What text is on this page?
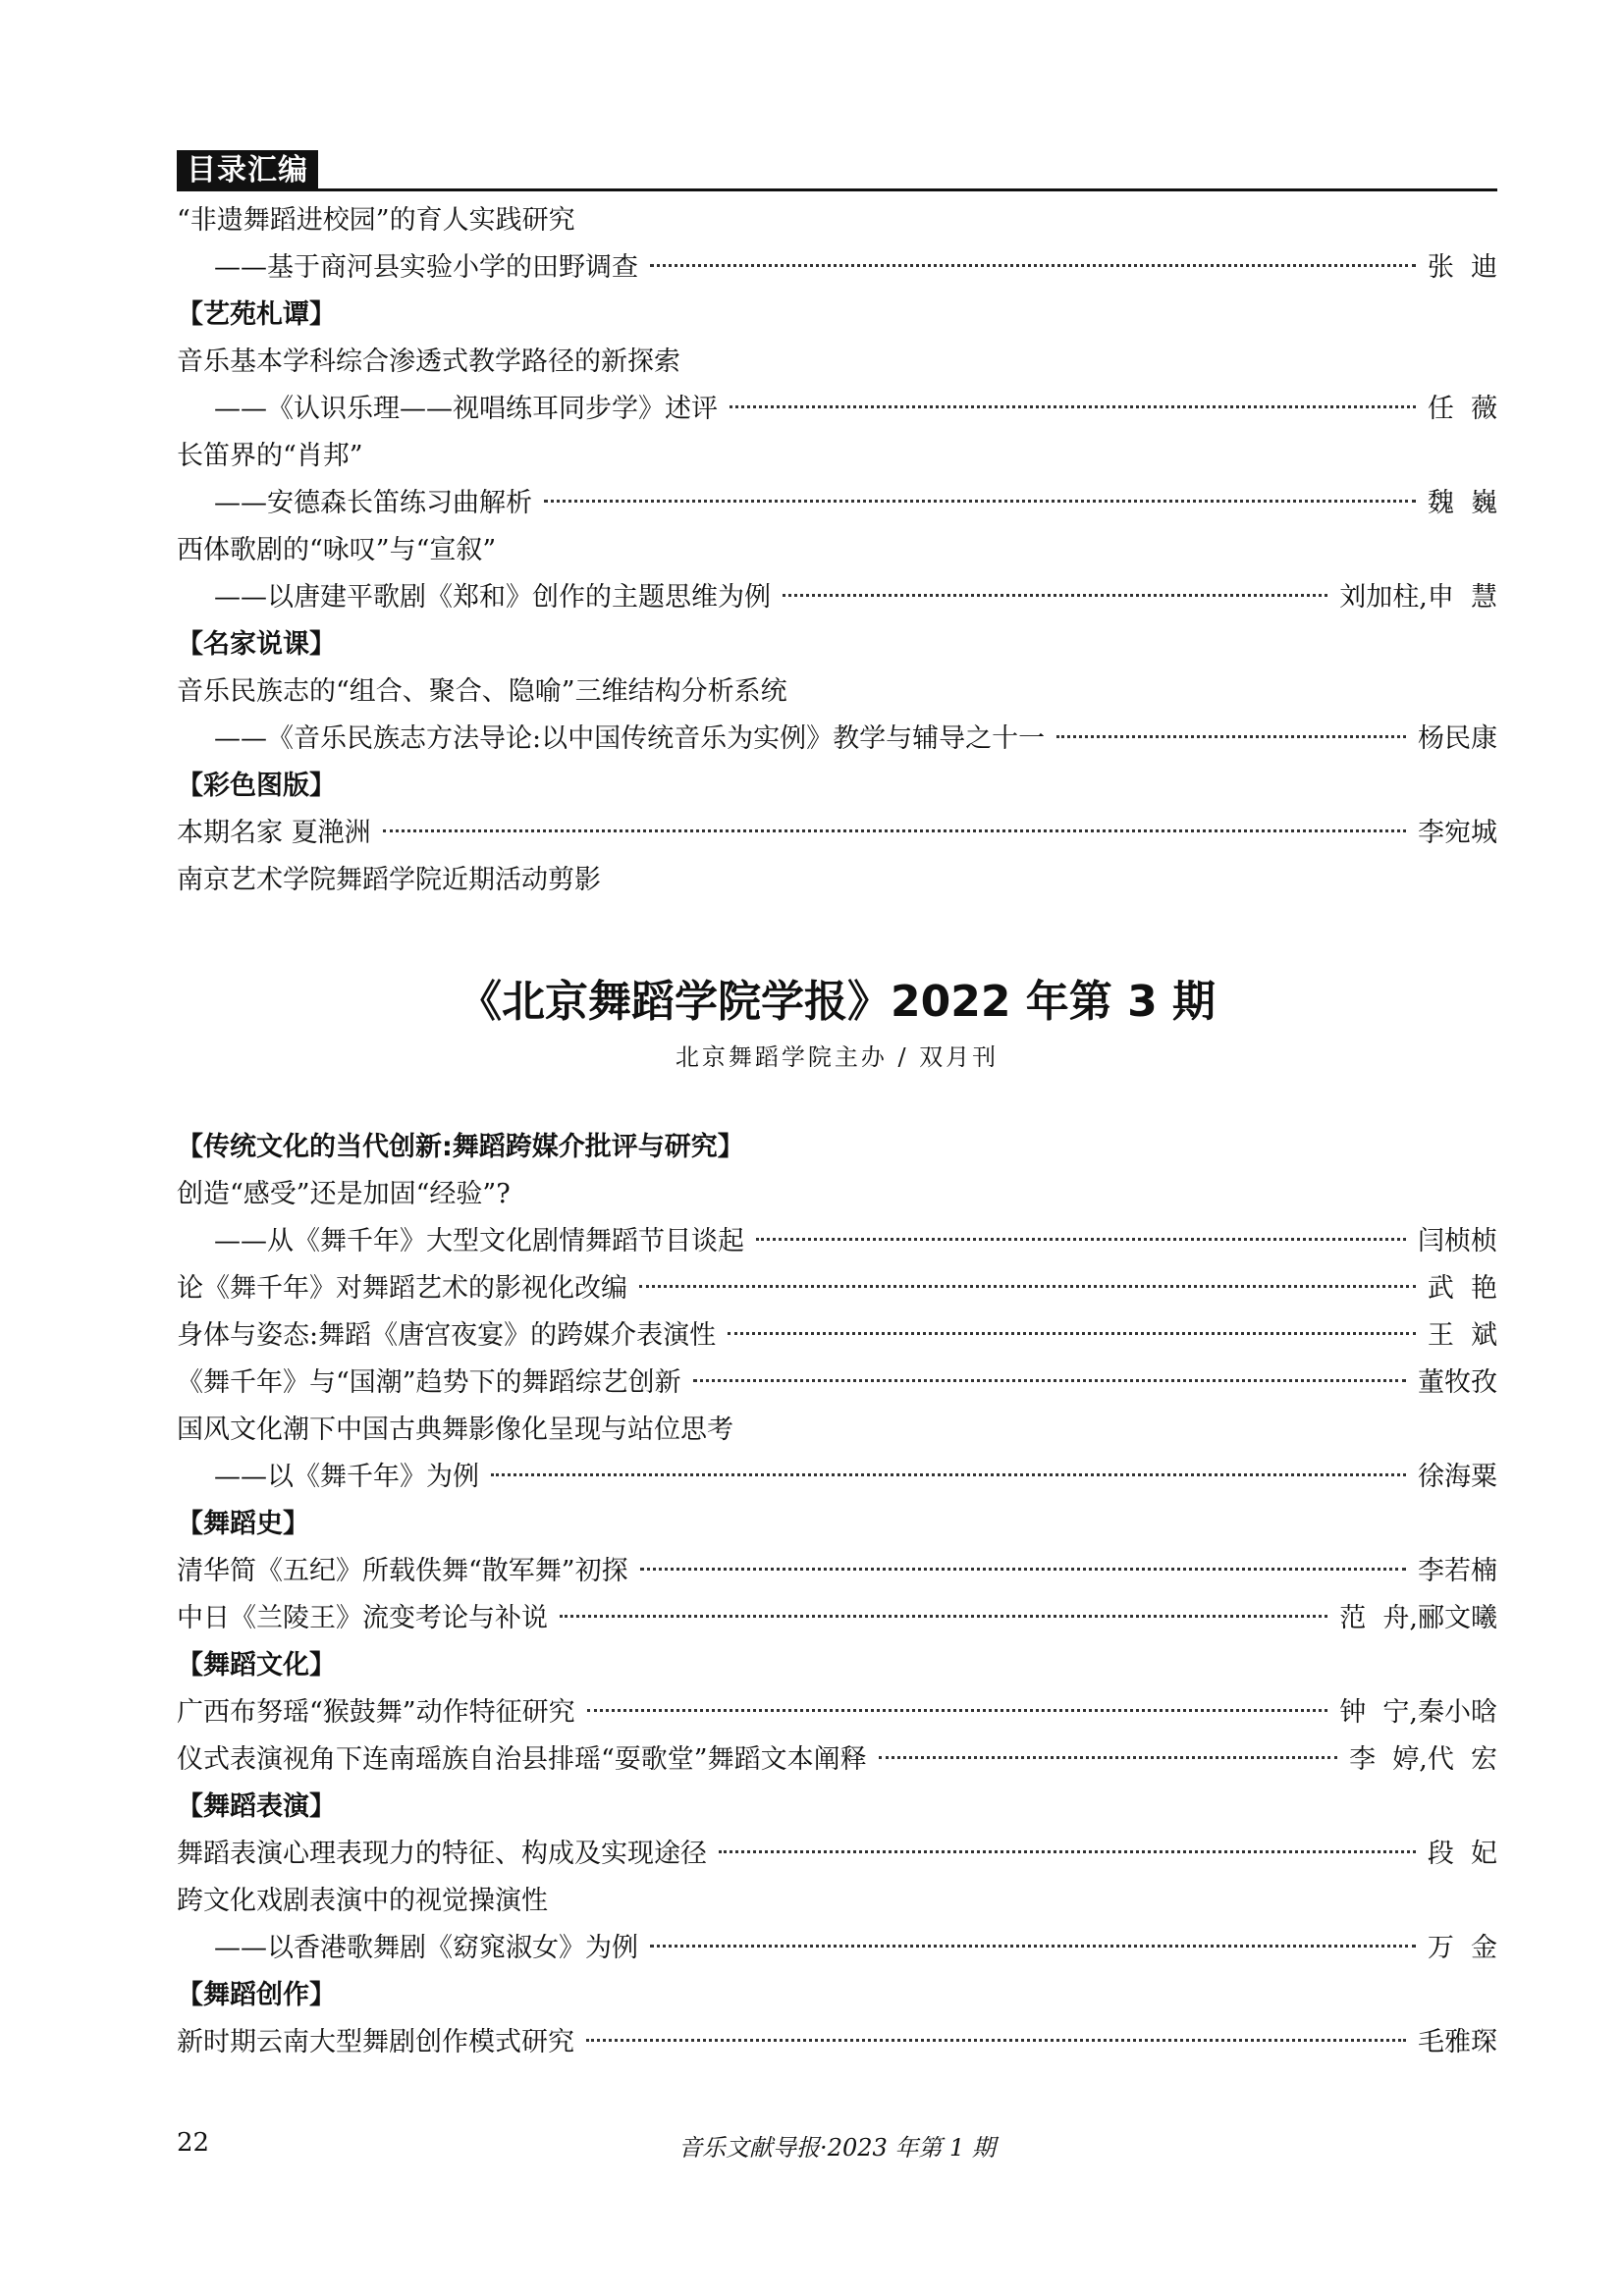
目录汇编
“非遗舞蹈进校园”的育人实践研究
——基于商河县实验小学的田野调查	张  迪
【艺苑札谭】
音乐基本学科综合渗透式教学路径的新探索
——《认识乐理——视唱练耳同步学》述评	任  薇
长笛界的“肖邦”
——安德森长笛练习曲解析	魏  巍
西体歌剧的“咏叹”与“宣叙”
——以唐建平歌剧《郑和》创作的主题思维为例	刘加柱,申  慧
【名家说课】
音乐民族志的“组合、聚合、隐喻”三维结构分析系统
——《音乐民族志方法导论:以中国传统音乐为实例》教学与辅导之十一	杨民康
【彩色图版】
本期名家 夏滟洲	李宛城
南京艺术学院舞蹈学院近期活动剪影
《北京舞蹈学院学报》2022 年第 3 期
北京舞蹈学院主办 / 双月刊
【传统文化的当代创新:舞蹈跨媒介批评与研究】
创造“感受”还是加固“经验”?
——从《舞千年》大型文化剧情舞蹈节目谈起	闫桢桢
论《舞千年》对舞蹈艺术的影视化改编	武  艳
身体与姿态:舞蹈《唐宫夜宴》的跨媒介表演性	王  斌
《舞千年》与“国潮”趋势下的舞蹈综艺创新	董牧孜
国风文化潮下中国古典舞影像化呈现与站位思考
——以《舞千年》为例	徐海粟
【舞蹈史】
清华简《五纪》所载佚舞“散军舞”初探	李若楠
中日《兰陵王》流变考论与补说	范  舟,郦文曦
【舞蹈文化】
广西布努瑶“猴鼓舞”动作特征研究	钟  宁,秦小晗
仪式表演视角下连南瑶族自治县排瑶“耍歌堂”舞蹈文本阐释	李  婷,代  宏
【舞蹈表演】
舞蹈表演心理表现力的特征、构成及实现途径	段  妃
跨文化戏剧表演中的视觉操演性
——以香港歌舞剧《窈窕淑女》为例	万  金
【舞蹈创作】
新时期云南大型舞剧创作模式研究	毛雅琛
22	音乐文献导报·2023 年第 1 期
